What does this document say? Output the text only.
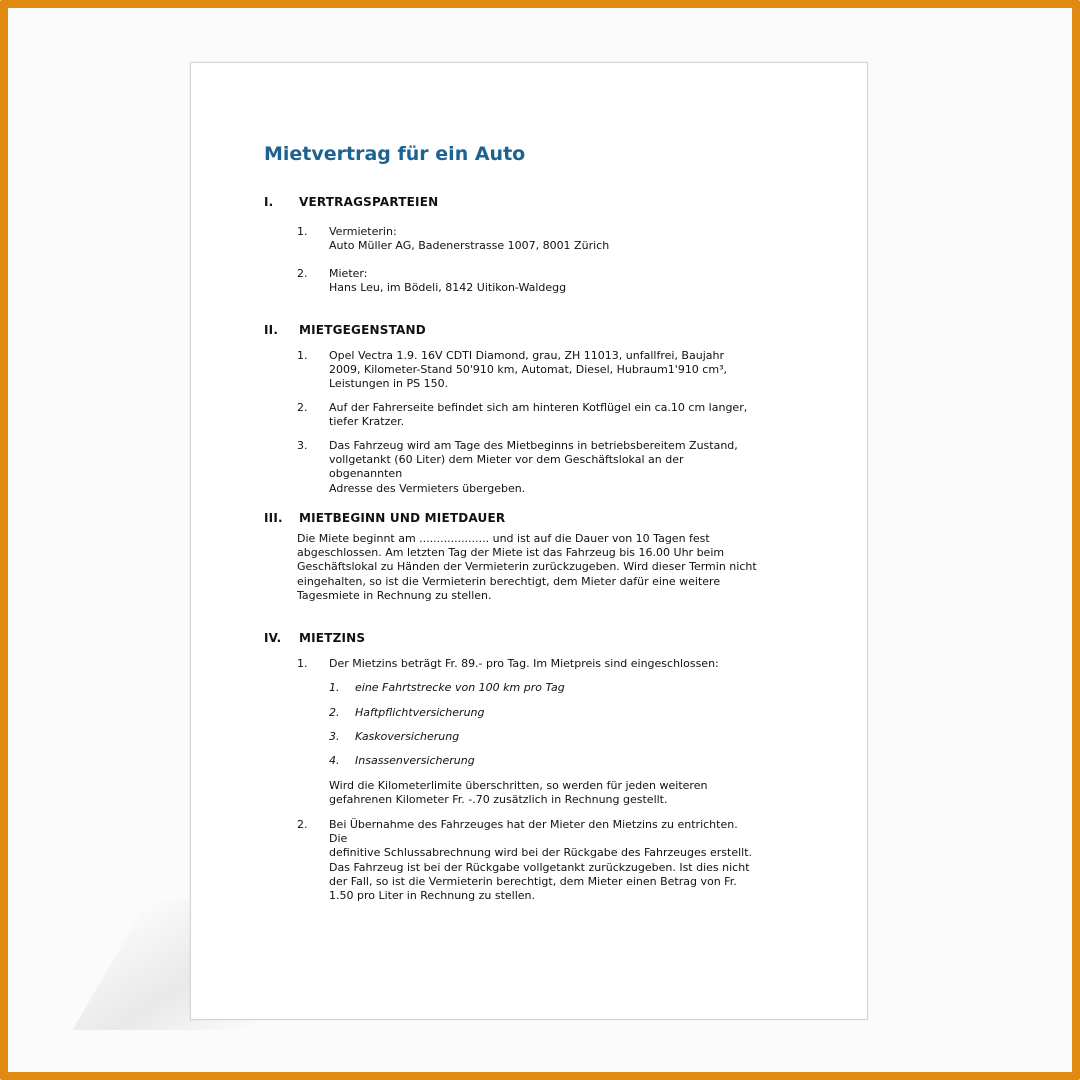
Mietvertrag für ein Auto
I. VERTRAGSPARTEIEN
1. Vermieterin:
Auto Müller AG, Badenerstrasse 1007, 8001 Zürich
2. Mieter:
Hans Leu, im Bödeli, 8142 Uitikon-Waldegg
II. MIETGEGENSTAND
1. Opel Vectra 1.9. 16V CDTI Diamond, grau, ZH 11013, unfallfrei, Baujahr
2009, Kilometer-Stand 50'910 km, Automat, Diesel, Hubraum1'910 cm³,
Leistungen in PS 150.
2. Auf der Fahrerseite befindet sich am hinteren Kotflügel ein ca.10 cm langer,
tiefer Kratzer.
3. Das Fahrzeug wird am Tage des Mietbeginns in betriebsbereitem Zustand,
vollgetankt (60 Liter) dem Mieter vor dem Geschäftslokal an der obgenannten
Adresse des Vermieters übergeben.
III. MIETBEGINN UND MIETDAUER
Die Miete beginnt am .................... und ist auf die Dauer von 10 Tagen fest
abgeschlossen. Am letzten Tag der Miete ist das Fahrzeug bis 16.00 Uhr beim
Geschäftslokal zu Händen der Vermieterin zurückzugeben. Wird dieser Termin nicht
eingehalten, so ist die Vermieterin berechtigt, dem Mieter dafür eine weitere
Tagesmiete in Rechnung zu stellen.
IV. MIETZINS
1. Der Mietzins beträgt Fr. 89.- pro Tag. Im Mietpreis sind eingeschlossen:
1. eine Fahrtstrecke von 100 km pro Tag
2. Haftpflichtversicherung
3. Kaskoversicherung
4. Insassenversicherung
Wird die Kilometerlimite überschritten, so werden für jeden weiteren
gefahrenen Kilometer Fr. -.70 zusätzlich in Rechnung gestellt.
2. Bei Übernahme des Fahrzeuges hat der Mieter den Mietzins zu entrichten. Die
definitive Schlussabrechnung wird bei der Rückgabe des Fahrzeuges erstellt.
Das Fahrzeug ist bei der Rückgabe vollgetankt zurückzugeben. Ist dies nicht
der Fall, so ist die Vermieterin berechtigt, dem Mieter einen Betrag von Fr.
1.50 pro Liter in Rechnung zu stellen.
